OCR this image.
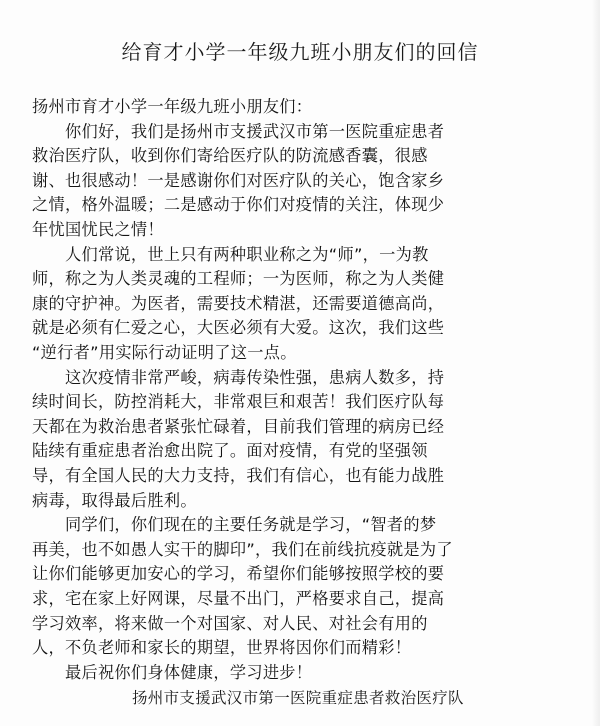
给育才小学一年级九班小朋友们的回信
扬州市育才小学一年级九班小朋友们：
　　你们好，我们是扬州市支援武汉市第一医院重症患者
救治医疗队，收到你们寄给医疗队的防流感香囊，很感
谢、也很感动！一是感谢你们对医疗队的关心，饱含家乡
之情，格外温暖；二是感动于你们对疫情的关注，体现少
年忧国忧民之情！
　　人们常说，世上只有两种职业称之为“师”，一为教
师，称之为人类灵魂的工程师；一为医师，称之为人类健
康的守护神。为医者，需要技术精湛，还需要道德高尚，
就是必须有仁爱之心，大医必须有大爱。这次，我们这些
“逆行者”用实际行动证明了这一点。
　　这次疫情非常严峻，病毒传染性强，患病人数多，持
续时间长，防控消耗大，非常艰巨和艰苦！我们医疗队每
天都在为救治患者紧张忙碌着，目前我们管理的病房已经
陆续有重症患者治愈出院了。面对疫情，有党的坚强领
导，有全国人民的大力支持，我们有信心，也有能力战胜
病毒，取得最后胜利。
　　同学们，你们现在的主要任务就是学习，“智者的梦
再美，也不如愚人实干的脚印”，我们在前线抗疫就是为了
让你们能够更加安心的学习，希望你们能够按照学校的要
求，宅在家上好网课，尽量不出门，严格要求自己，提高
学习效率，将来做一个对国家、对人民、对社会有用的
人，不负老师和家长的期望，世界将因你们而精彩！
　　最后祝你们身体健康，学习进步！
扬州市支援武汉市第一医院重症患者救治医疗队
